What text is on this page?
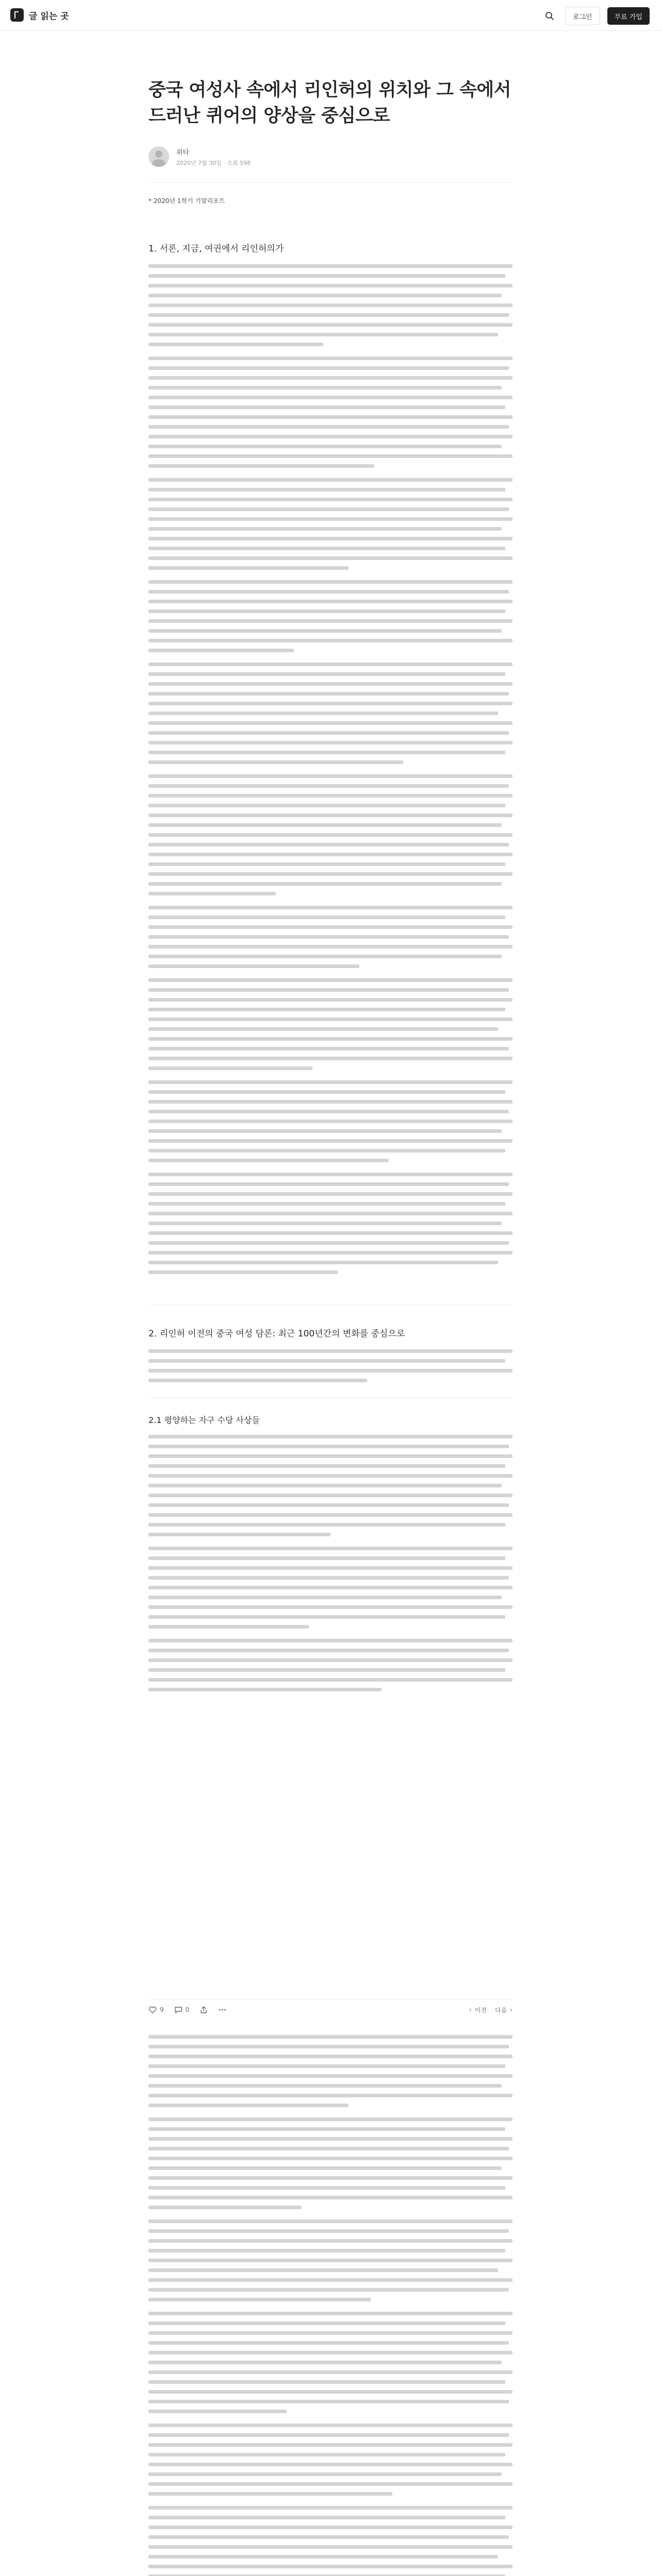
글 읽는 곳	로그인	무료 가입
중국 여성사 속에서 리인허의 위치와 그 속에서 드러난 퀴어의 양상을 중심으로
위타
2020년 7월 30일 · 조회 598
* 2020년 1학기 기말리포트
1. 서론, 지금, 여권에서 리인허의가
2. 리인허 이전의 중국 여성 담론: 최근 100년간의 변화를 중심으로
2.1 평양하는 자구 수당 사상들
9	0	‹ 이전 다음 ›
